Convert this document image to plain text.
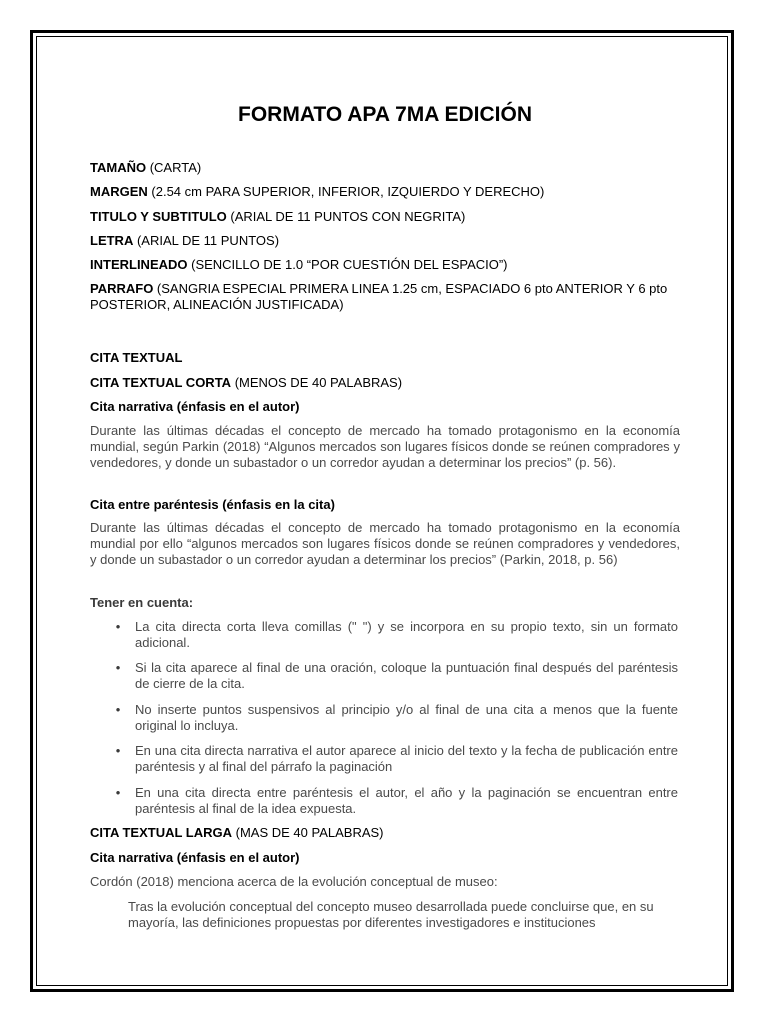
FORMATO APA 7MA EDICIÓN
TAMAÑO (CARTA)
MARGEN (2.54 cm PARA SUPERIOR, INFERIOR, IZQUIERDO Y DERECHO)
TITULO Y SUBTITULO (ARIAL DE 11 PUNTOS CON NEGRITA)
LETRA (ARIAL DE 11 PUNTOS)
INTERLINEADO (SENCILLO DE 1.0 “POR CUESTIÓN DEL ESPACIO”)
PARRAFO (SANGRIA ESPECIAL PRIMERA LINEA 1.25 cm, ESPACIADO 6 pto ANTERIOR Y 6 pto POSTERIOR, ALINEACIÓN JUSTIFICADA)
CITA TEXTUAL
CITA TEXTUAL CORTA (MENOS DE 40 PALABRAS)
Cita narrativa (énfasis en el autor)
Durante las últimas décadas el concepto de mercado ha tomado protagonismo en la economía mundial, según Parkin (2018) “Algunos mercados son lugares físicos donde se reúnen compradores y vendedores, y donde un subastador o un corredor ayudan a determinar los precios” (p. 56).
Cita entre paréntesis (énfasis en la cita)
Durante las últimas décadas el concepto de mercado ha tomado protagonismo en la economía mundial por ello “algunos mercados son lugares físicos donde se reúnen compradores y vendedores, y donde un subastador o un corredor ayudan a determinar los precios” (Parkin, 2018, p. 56)
Tener en cuenta:
• La cita directa corta lleva comillas (" ") y se incorpora en su propio texto, sin un formato adicional.
• Si la cita aparece al final de una oración, coloque la puntuación final después del paréntesis de cierre de la cita.
• No inserte puntos suspensivos al principio y/o al final de una cita a menos que la fuente original lo incluya.
• En una cita directa narrativa el autor aparece al inicio del texto y la fecha de publicación entre paréntesis y al final del párrafo la paginación
• En una cita directa entre paréntesis el autor, el año y la paginación se encuentran entre paréntesis al final de la idea expuesta.
CITA TEXTUAL LARGA (MAS DE 40 PALABRAS)
Cita narrativa (énfasis en el autor)
Cordón (2018) menciona acerca de la evolución conceptual de museo:
Tras la evolución conceptual del concepto museo desarrollada puede concluirse que, en su mayoría, las definiciones propuestas por diferentes investigadores e instituciones
